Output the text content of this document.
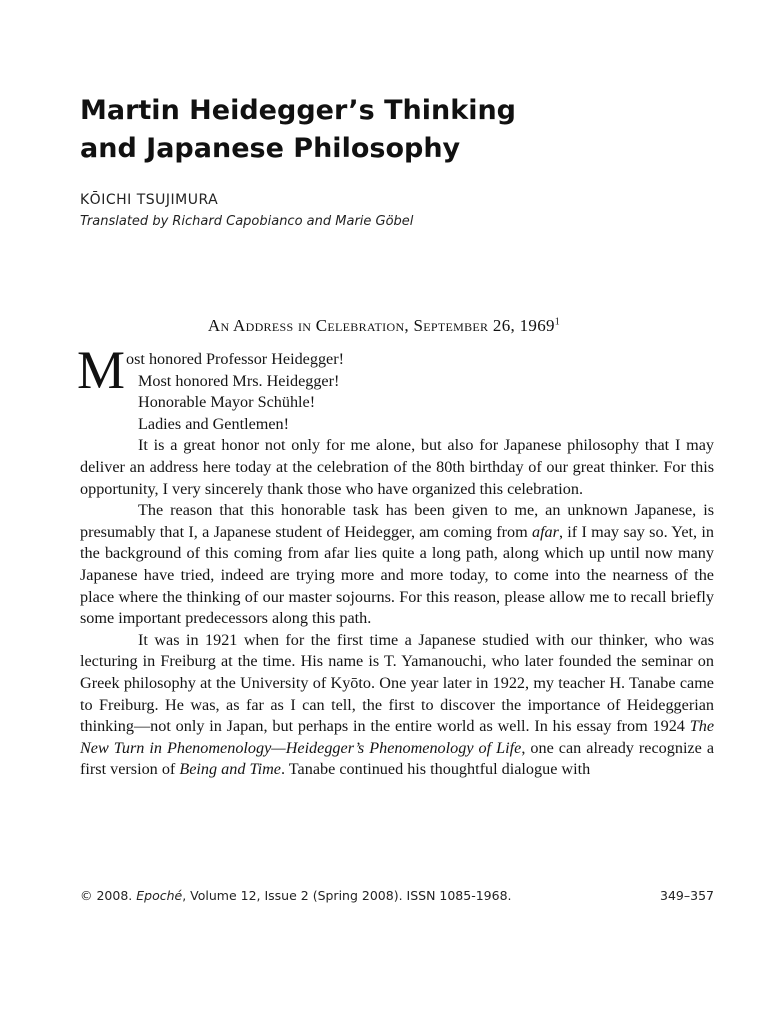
Martin Heidegger’s Thinking
and Japanese Philosophy
KŌICHI TSUJIMURA
Translated by Richard Capobianco and Marie Göbel
An Address in Celebration, September 26, 1969$^1$
M ost honored Professor Heidegger!
Most honored Mrs. Heidegger!
Honorable Mayor Schühle!
Ladies and Gentlemen!

It is a great honor not only for me alone, but also for Japanese philosophy that I may deliver an address here today at the celebration of the 80th birthday of our great thinker. For this opportunity, I very sincerely thank those who have organized this celebration.

The reason that this honorable task has been given to me, an unknown Japanese, is presumably that I, a Japanese student of Heidegger, am coming from afar, if I may say so. Yet, in the background of this coming from afar lies quite a long path, along which up until now many Japanese have tried, indeed are trying more and more today, to come into the nearness of the place where the thinking of our master sojourns. For this reason, please allow me to recall briefly some important predecessors along this path.

It was in 1921 when for the first time a Japanese studied with our thinker, who was lecturing in Freiburg at the time. His name is T. Yamanouchi, who later founded the seminar on Greek philosophy at the University of Kyōto. One year later in 1922, my teacher H. Tanabe came to Freiburg. He was, as far as I can tell, the first to discover the importance of Heideggerian thinking—not only in Japan, but perhaps in the entire world as well. In his essay from 1924 The New Turn in Phenomenology—Heidegger’s Phenomenology of Life, one can already recognize a first version of Being and Time. Tanabe continued his thoughtful dialogue with

© 2008. Epoché, Volume 12, Issue 2 (Spring 2008). ISSN 1085-1968.	349–357
